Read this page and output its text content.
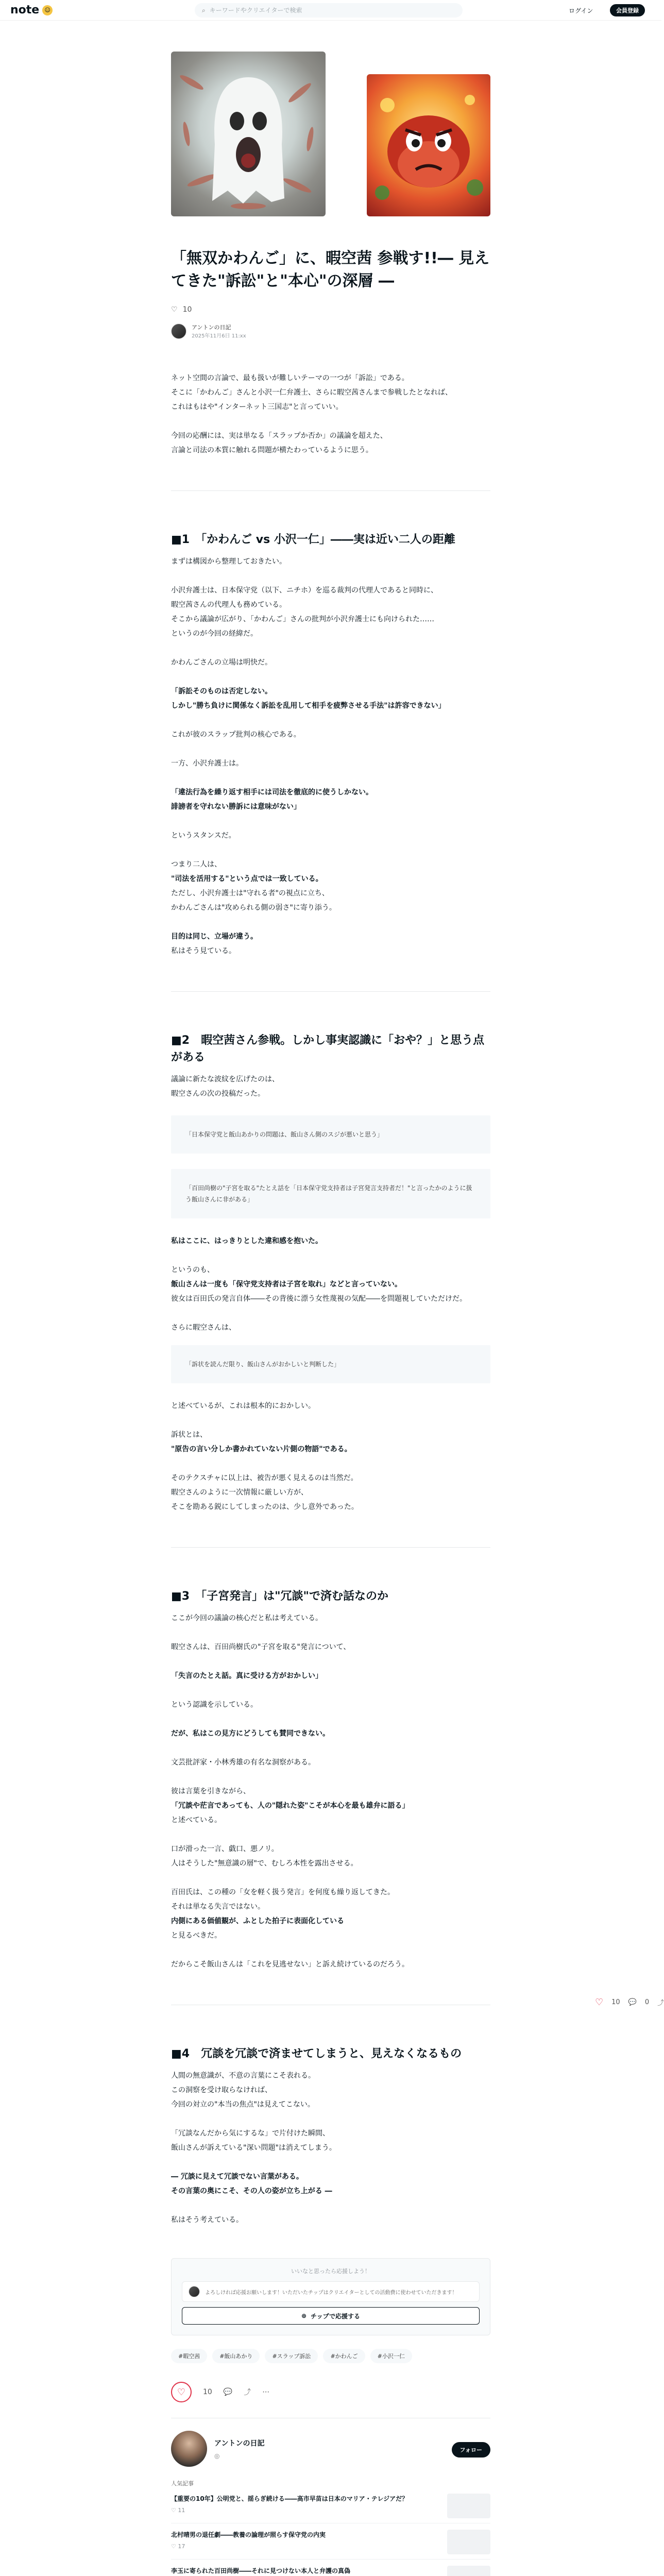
note ☺	⌕
キーワードやクリエイターで検索	ログイン	会員登録
「無双かわんご」に、暇空茜 参戦す!!― 見えてきた"訴訟"と"本心"の深層 ―
♡ 10
アントンの日記
2025年11月6日 11:xx

ネット空間の言論で、最も扱いが難しいテーマの一つが「訴訟」である。

そこに「かわんご」さんと小沢一仁弁護士、さらに暇空茜さんまで参戦したとなれば、

これはもはや"インターネット三国志"と言っていい。

今回の応酬には、実は単なる「スラップか否か」の議論を超えた、

言論と司法の本質に触れる問題が横たわっているように思う。

■1　「かわんご vs 小沢一仁」――実は近い二人の距離

まずは構図から整理しておきたい。

小沢弁護士は、日本保守党（以下、ニチホ）を巡る裁判の代理人であると同時に、

暇空茜さんの代理人も務めている。

そこから議論が広がり、「かわんご」さんの批判が小沢弁護士にも向けられた……

というのが今回の経緯だ。

かわんごさんの立場は明快だ。

「訴訟そのものは否定しない。

しかし"勝ち負けに関係なく訴訟を乱用して相手を疲弊させる手法"は許容できない」

これが彼のスラップ批判の核心である。

一方、小沢弁護士は。

「違法行為を繰り返す相手には司法を徹底的に使うしかない。

誹謗者を守れない勝訴には意味がない」

というスタンスだ。

つまり二人は、

"司法を活用する"という点では一致している。

ただし、小沢弁護士は"守れる者"の視点に立ち、

かわんごさんは"攻められる側の弱さ"に寄り添う。

目的は同じ、立場が違う。

私はそう見ている。

■2　暇空茜さん参戦。しかし事実認識に「おや？」と思う点がある

議論に新たな波紋を広げたのは、

暇空さんの次の投稿だった。

「日本保守党と飯山あかりの問題は、飯山さん側のスジが悪いと思う」
「百田尚樹の"子宮を取る"たとえ話を「日本保守党支持者は子宮発言支持者だ！"と言ったかのように扱う飯山さんに非がある」

私はここに、はっきりとした違和感を抱いた。

というのも、

飯山さんは一度も「保守党支持者は子宮を取れ」などと言っていない。

彼女は百田氏の発言自体――その背後に漂う女性蔑視の気配――を問題視していただけだ。

さらに暇空さんは、

「訴状を読んだ限り、飯山さんがおかしいと判断した」

と述べているが、これは根本的におかしい。

訴状とは、

"原告の言い分しか書かれていない片側の物語"である。

そのテクスチャに以上は、被告が悪く見えるのは当然だ。

暇空さんのように一次情報に厳しい方が、

そこを勘ある鋭にしてしまったのは、少し意外であった。

■3　「子宮発言」は"冗談"で済む話なのか

ここが今回の議論の核心だと私は考えている。

暇空さんは、百田尚樹氏の"子宮を取る"発言について、

「失言のたとえ話。真に受ける方がおかしい」

という認識を示している。

だが、私はこの見方にどうしても賛同できない。

文芸批評家・小林秀雄の有名な洞察がある。

彼は言葉を引きながら、

「冗談や茫言であっても、人の"隠れた姿"こそが本心を最も雄弁に語る」

と述べている。

口が滑った一言、戯口、悪ノリ。

人はそうした"無意識の層"で、むしろ本性を露出させる。

百田氏は、この種の「女を軽く扱う発言」を何度も繰り返してきた。

それは単なる失言ではない。

内側にある価値観が、ふとした拍子に表面化している

と見るべきだ。

だからこそ飯山さんは「これを見逃せない」と訴え続けているのだろう。

■4　冗談を冗談で済ませてしまうと、見えなくなるもの

人間の無意識が、不意の言葉にこそ表れる。

この洞察を受け取らなければ、

今回の対立の"本当の焦点"は見えてこない。

「冗談なんだから気にするな」で片付けた瞬間、

飯山さんが訴えている"深い問題"は消えてしまう。

― 冗談に見えて冗談でない言葉がある。

その言葉の奥にこそ、その人の姿が立ち上がる ―

私はそう考えている。

いいなと思ったら応援しよう！
よろしければ応援お願いします！いただいたチップはクリエイターとしての活動費に使わせていただきます！
⊛ チップで応援する
#暇空茜	#飯山あかり	#スラップ訴訟	#かわんご	#小沢一仁
♡ 10 💬 ⤴ ⋯
アントンの日記
◎
フォロー
人気記事
【重要の10年】公明党と、揺らぎ続ける――高市早苗は日本のマリア・テレジアだ？
♡ 11
北村晴男の退任劇――教養の論理が照らす保守党の内実
♡ 17
李玉に寄られた百田尚樹――それに見つけない本人と弁護の真偽
♡ 10 💬 0 ⤴
